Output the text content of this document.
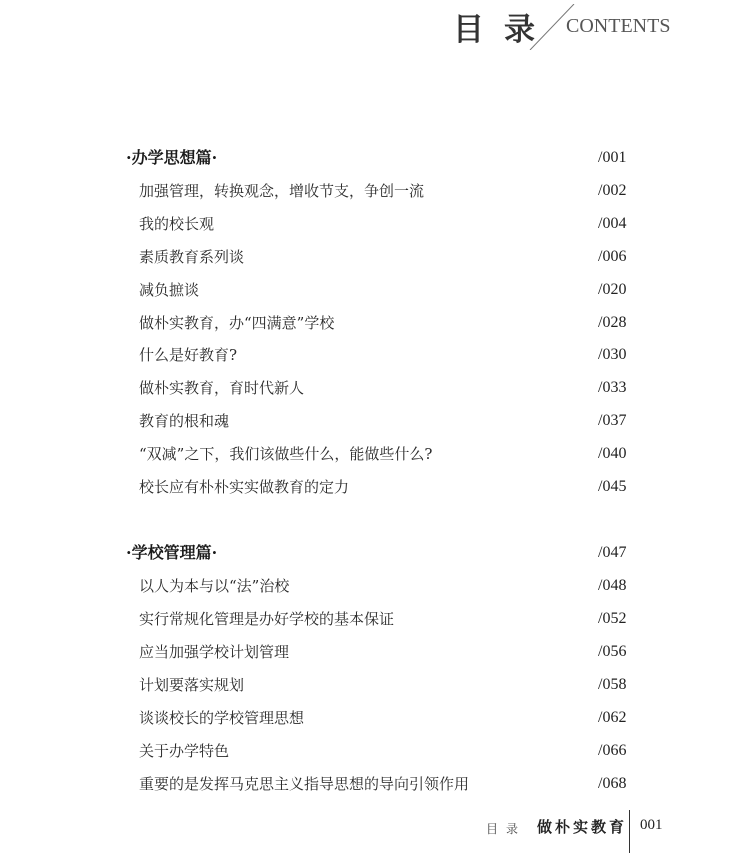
目录 CONTENTS
·办学思想篇·	/001
加强管理，转换观念，增收节支，争创一流	/002
我的校长观	/004
素质教育系列谈	/006
减负摭谈	/020
做朴实教育，办“四满意”学校	/028
什么是好教育?	/030
做朴实教育，育时代新人	/033
教育的根和魂	/037
“双减”之下，我们该做些什么，能做些什么?	/040
校长应有朴朴实实做教育的定力	/045
·学校管理篇·	/047
以人为本与以“法”治校	/048
实行常规化管理是办好学校的基本保证	/052
应当加强学校计划管理	/056
计划要落实规划	/058
谈谈校长的学校管理思想	/062
关于办学特色	/066
重要的是发挥马克思主义指导思想的导向引领作用	/068
目录 做朴实教育 001
